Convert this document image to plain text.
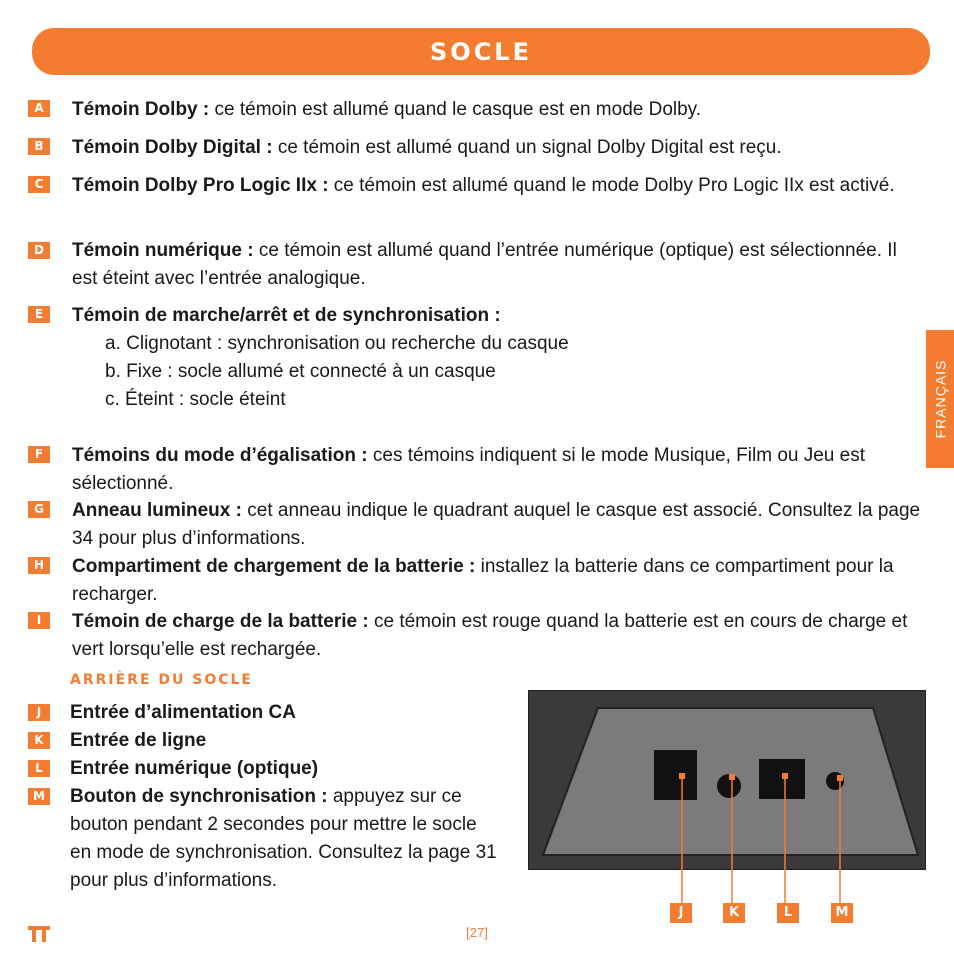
SOCLE
FRANÇAIS
A	Témoin Dolby : ce témoin est allumé quand le casque est en mode Dolby.
B	Témoin Dolby Digital : ce témoin est allumé quand un signal Dolby Digital est reçu.
C	Témoin Dolby Pro Logic IIx : ce témoin est allumé quand le mode Dolby Pro Logic IIx est activé.
D	Témoin numérique : ce témoin est allumé quand l’entrée numérique (optique) est sélectionnée. Il est éteint avec l’entrée analogique.
E	Témoin de marche/arrêt et de synchronisation :
a. Clignotant : synchronisation ou recherche du casque
b. Fixe : socle allumé et connecté à un casque
c. Éteint : socle éteint
F	Témoins du mode d’égalisation : ces témoins indiquent si le mode Musique, Film ou Jeu est sélectionné.
G	Anneau lumineux : cet anneau indique le quadrant auquel le casque est associé. Consultez la page 34 pour plus d’informations.
H	Compartiment de chargement de la batterie : installez la batterie dans ce compartiment pour la recharger.
I	Témoin de charge de la batterie : ce témoin est rouge quand la batterie est en cours de charge et vert lorsqu’elle est rechargée.
ARRIÈRE DU SOCLE
J	Entrée d’alimentation CA
K	Entrée de ligne
L	Entrée numérique (optique)
M Bouton de synchronisation : appuyez sur ce bouton pendant 2 secondes pour mettre le socle en mode de synchronisation. Consultez la page 31 pour plus d’informations.
J	K	L	M
[27]
